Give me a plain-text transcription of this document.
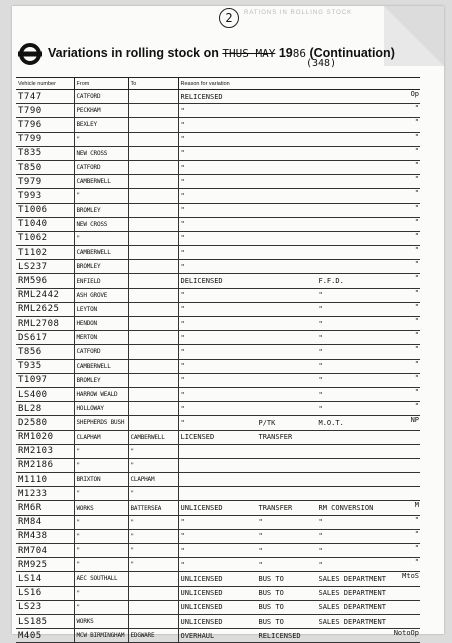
RATIONS IN ROLLING STOCK
2
Variations in rolling stock on THUS MAY 1986 (Continuation)
(348)
Vehicle number	From	To	Reason for variation
T747	CATFORD		RELICENSED Op

T790	PECKHAM		" "

T796	BEXLEY		" "

T799	"		" "

T835	NEW CROSS		" "

T850	CATFORD		" "

T979	CAMBERWELL		" "

T993	"		" "

T1006	BROMLEY		" "

T1040	NEW CROSS		" "

T1062	"		" "

T1102	CAMBERWELL		" "

LS237	BROMLEY		" "

RM596	ENFIELD		DELICENSED F.F.D. "

RML2442	ASH GROVE		" " "

RML2625	LEYTON		" " "

RML2708	HENDON		" " "

DS617	MERTON		" " "

T856	CATFORD		" " "

T935	CAMBERWELL		" " "

T1097	BROMLEY		" " "

LS400	HARROW WEALD		" " "

BL28	HOLLOWAY		" " "

D2580	SHEPHERDS BUSH		" P/TK M.O.T. NP

RM1020	CLAPHAM	CAMBERWELL	LICENSED TRANSFER

RM2103	"	"	

RM2186	"	"	

M1110	BRIXTON	CLAPHAM	

M1233	"	"	

RM6R	WORKS	BATTERSEA	UNLICENSED TRANSFER RM CONVERSION M

RM84	"	"	" " " "

RM438	"	"	" " " "

RM704	"	"	" " " "

RM925	"	"	" " " "

LS14	AEC SOUTHALL		UNLICENSED BUS TO SALES DEPARTMENT MtoS

LS16	"		UNLICENSED BUS TO SALES DEPARTMENT

LS23	"		UNLICENSED BUS TO SALES DEPARTMENT

LS185	WORKS		UNLICENSED BUS TO SALES DEPARTMENT

M405	MCW BIRMINGHAM	EDGWARE	OVERHAUL RELICENSED NotoOp
